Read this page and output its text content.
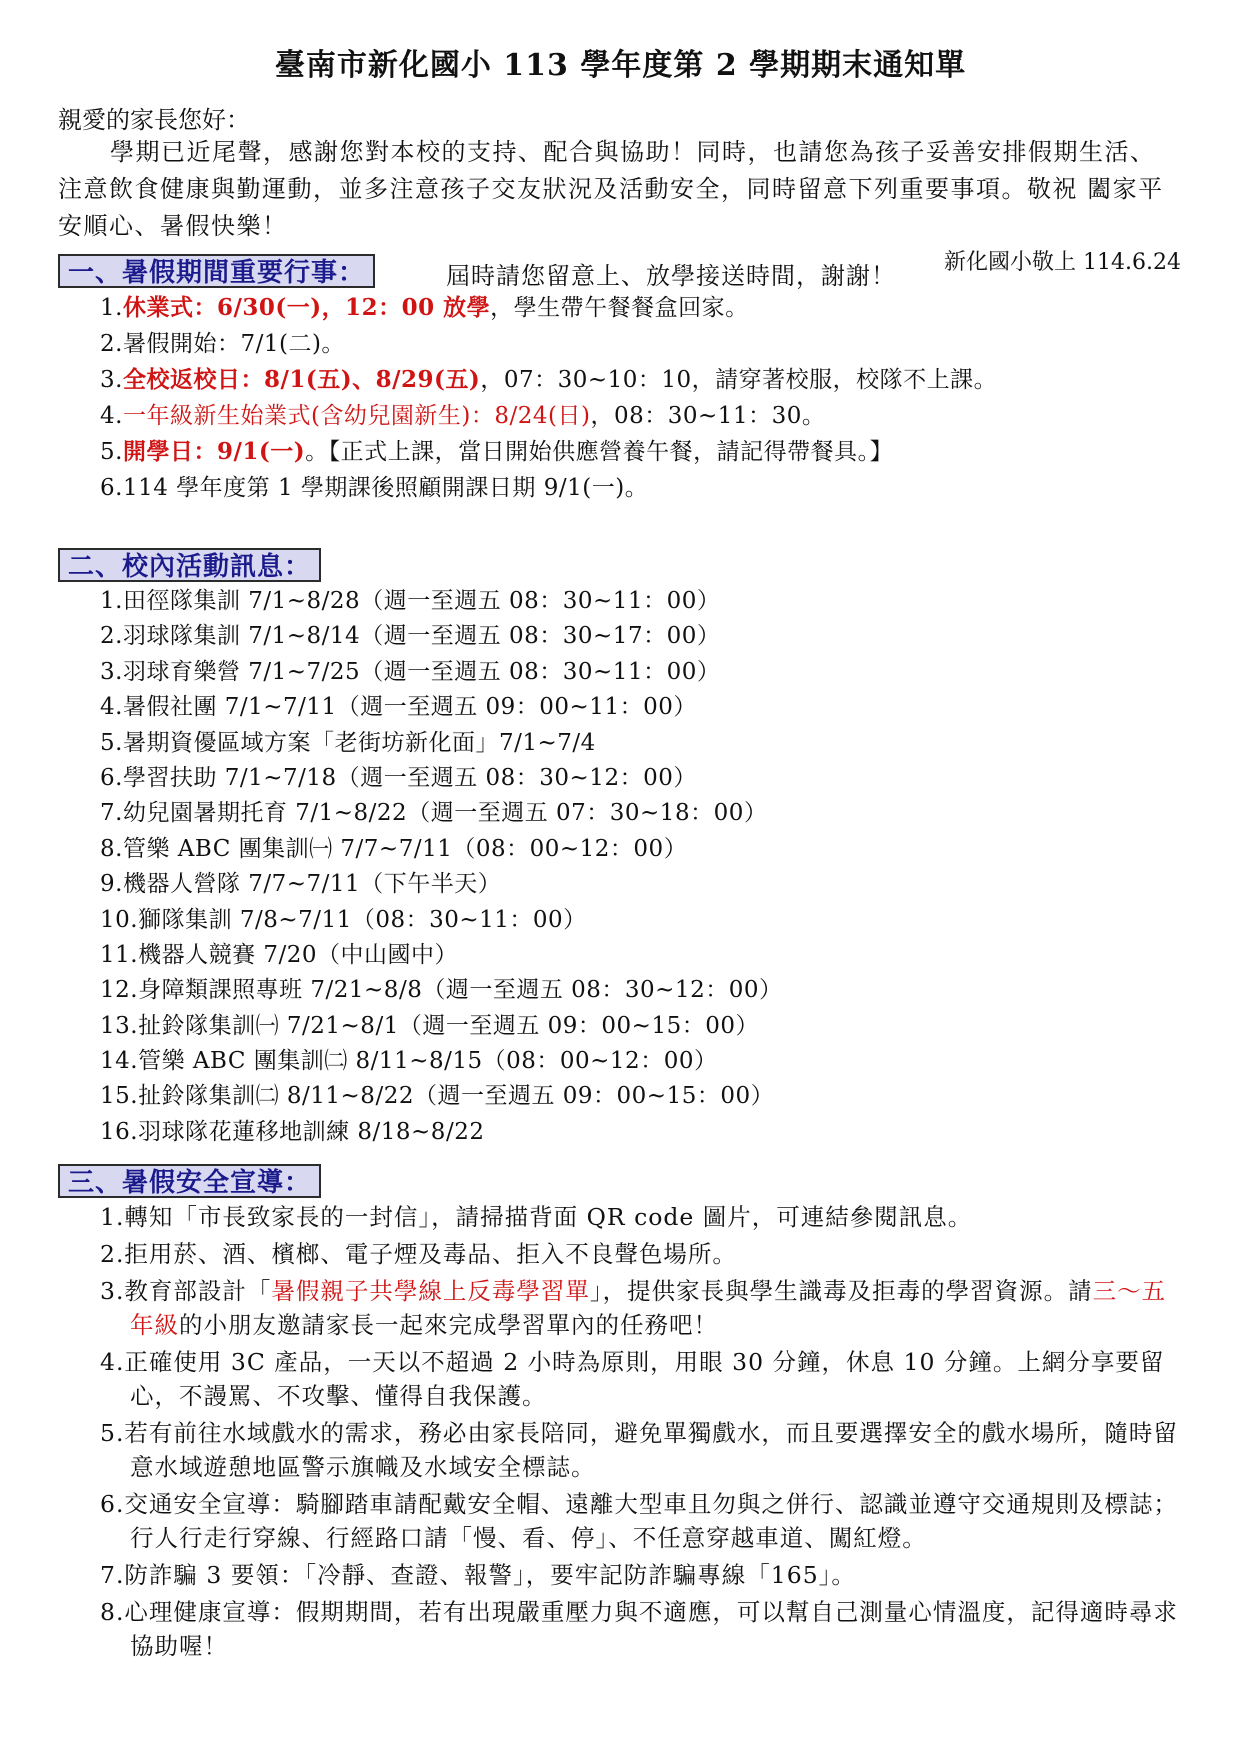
臺南市新化國小 113 學年度第 2 學期期末通知單
親愛的家長您好：
學期已近尾聲，感謝您對本校的支持、配合與協助！同時，也請您為孩子妥善安排假期生活、注意飲食健康與勤運動，並多注意孩子交友狀況及活動安全，同時留意下列重要事項。敬祝 闔家平安順心、暑假快樂！
新化國小敬上 114.6.24
一、暑假期間重要行事：	屆時請您留意上、放學接送時間，謝謝！
1.休業式：6/30(一)，12：00 放學，學生帶午餐餐盒回家。
2.暑假開始：7/1(二)。
3.全校返校日：8/1(五)、8/29(五)，07：30~10：10，請穿著校服，校隊不上課。
4.一年級新生始業式(含幼兒園新生)：8/24(日)，08：30~11：30。
5.開學日：9/1(一)。【正式上課，當日開始供應營養午餐，請記得帶餐具。】
6.114 學年度第 1 學期課後照顧開課日期 9/1(一)。
二、校內活動訊息：
1.田徑隊集訓 7/1~8/28（週一至週五 08：30~11：00）
2.羽球隊集訓 7/1~8/14（週一至週五 08：30~17：00）
3.羽球育樂營 7/1~7/25（週一至週五 08：30~11：00）
4.暑假社團 7/1~7/11（週一至週五 09：00~11：00）
5.暑期資優區域方案「老街坊新化面」7/1~7/4
6.學習扶助 7/1~7/18（週一至週五 08：30~12：00）
7.幼兒園暑期托育 7/1~8/22（週一至週五 07：30~18：00）
8.管樂 ABC 團集訓㈠ 7/7~7/11（08：00~12：00）
9.機器人營隊 7/7~7/11（下午半天）
10.獅隊集訓 7/8~7/11（08：30~11：00）
11.機器人競賽 7/20（中山國中）
12.身障類課照專班 7/21~8/8（週一至週五 08：30~12：00）
13.扯鈴隊集訓㈠ 7/21~8/1（週一至週五 09：00~15：00）
14.管樂 ABC 團集訓㈡ 8/11~8/15（08：00~12：00）
15.扯鈴隊集訓㈡ 8/11~8/22（週一至週五 09：00~15：00）
16.羽球隊花蓮移地訓練 8/18~8/22
三、暑假安全宣導：
1.轉知「市長致家長的一封信」，請掃描背面 QR code 圖片，可連結參閱訊息。
2.拒用菸、酒、檳榔、電子煙及毒品、拒入不良聲色場所。
3.教育部設計「暑假親子共學線上反毒學習單」，提供家長與學生識毒及拒毒的學習資源。請三～五年級的小朋友邀請家長一起來完成學習單內的任務吧！
4.正確使用 3C 產品，一天以不超過 2 小時為原則，用眼 30 分鐘，休息 10 分鐘。上網分享要留心，不謾罵、不攻擊、懂得自我保護。
5.若有前往水域戲水的需求，務必由家長陪同，避免單獨戲水，而且要選擇安全的戲水場所，隨時留意水域遊憩地區警示旗幟及水域安全標誌。
6.交通安全宣導：騎腳踏車請配戴安全帽、遠離大型車且勿與之併行、認識並遵守交通規則及標誌；行人行走行穿線、行經路口請「慢、看、停」、不任意穿越車道、闖紅燈。
7.防詐騙 3 要領：「冷靜、查證、報警」，要牢記防詐騙專線「165」。
8.心理健康宣導：假期期間，若有出現嚴重壓力與不適應，可以幫自己測量心情溫度，記得適時尋求協助喔！
